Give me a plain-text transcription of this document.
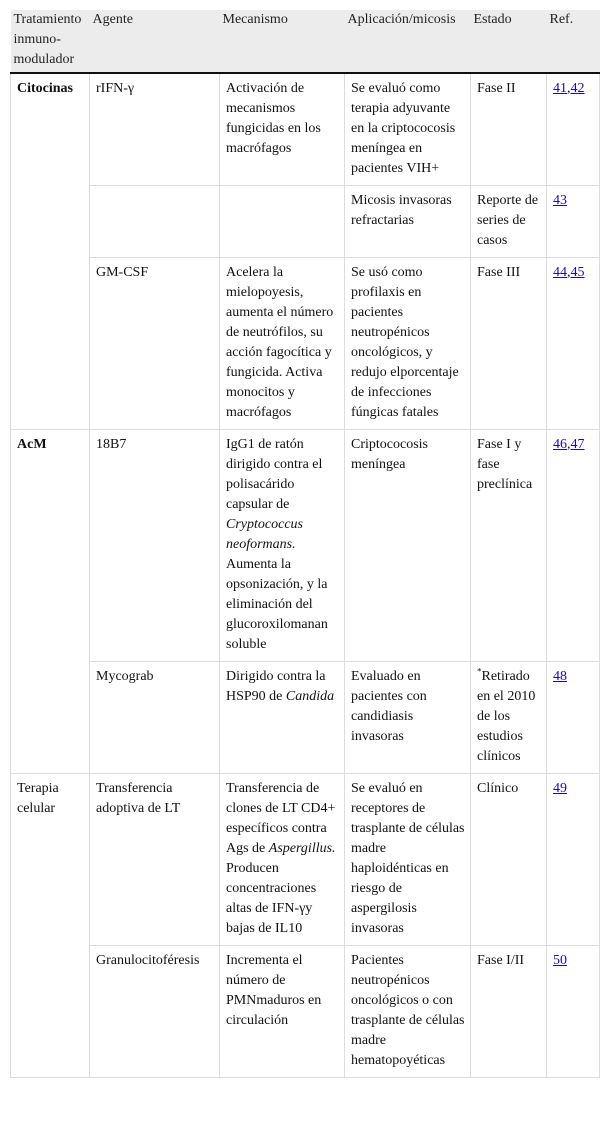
Tratamiento inmuno-modulador	Agente	Mecanismo	Aplicación/micosis	Estado	Ref.
Citocinas	rIFN-γ	Activación de mecanismos fungicidas en los macrófagos	Se evaluó como terapia adyuvante en la criptococosis meníngea en pacientes VIH+	Fase II	41,42
			Micosis invasoras refractarias	Reporte de series de casos	43
	GM-CSF	Acelera la mielopoyesis, aumenta el número de neutrófilos, su acción fagocítica y fungicida. Activa monocitos y macrófagos	Se usó como profilaxis en pacientes neutropénicos oncológicos, y redujo elporcentaje de infecciones fúngicas fatales	Fase III	44,45
AcM	18B7	IgG1 de ratón dirigido contra el polisacárido capsular de Cryptococcus neoformans. Aumenta la opsonización, y la eliminación del glucoroxilomanan soluble	Criptococosis meníngea	Fase I y fase preclínica	46,47
	Mycograb	Dirigido contra la HSP90 de Candida	Evaluado en pacientes con candidiasis invasoras	*Retirado en el 2010 de los estudios clínicos	48
Terapia celular	Transferencia adoptiva de LT	Transferencia de clones de LT CD4+ específicos contra Ags de Aspergillus. Producen concentraciones altas de IFN-γy bajas de IL10	Se evaluó en receptores de trasplante de células madre haploidénticas en riesgo de aspergilosis invasoras	Clínico	49
	Granulocitoféresis	Incrementa el número de PMNmaduros en circulación	Pacientes neutropénicos oncológicos o con trasplante de células madre hematopoyéticas	Fase I/II	50
